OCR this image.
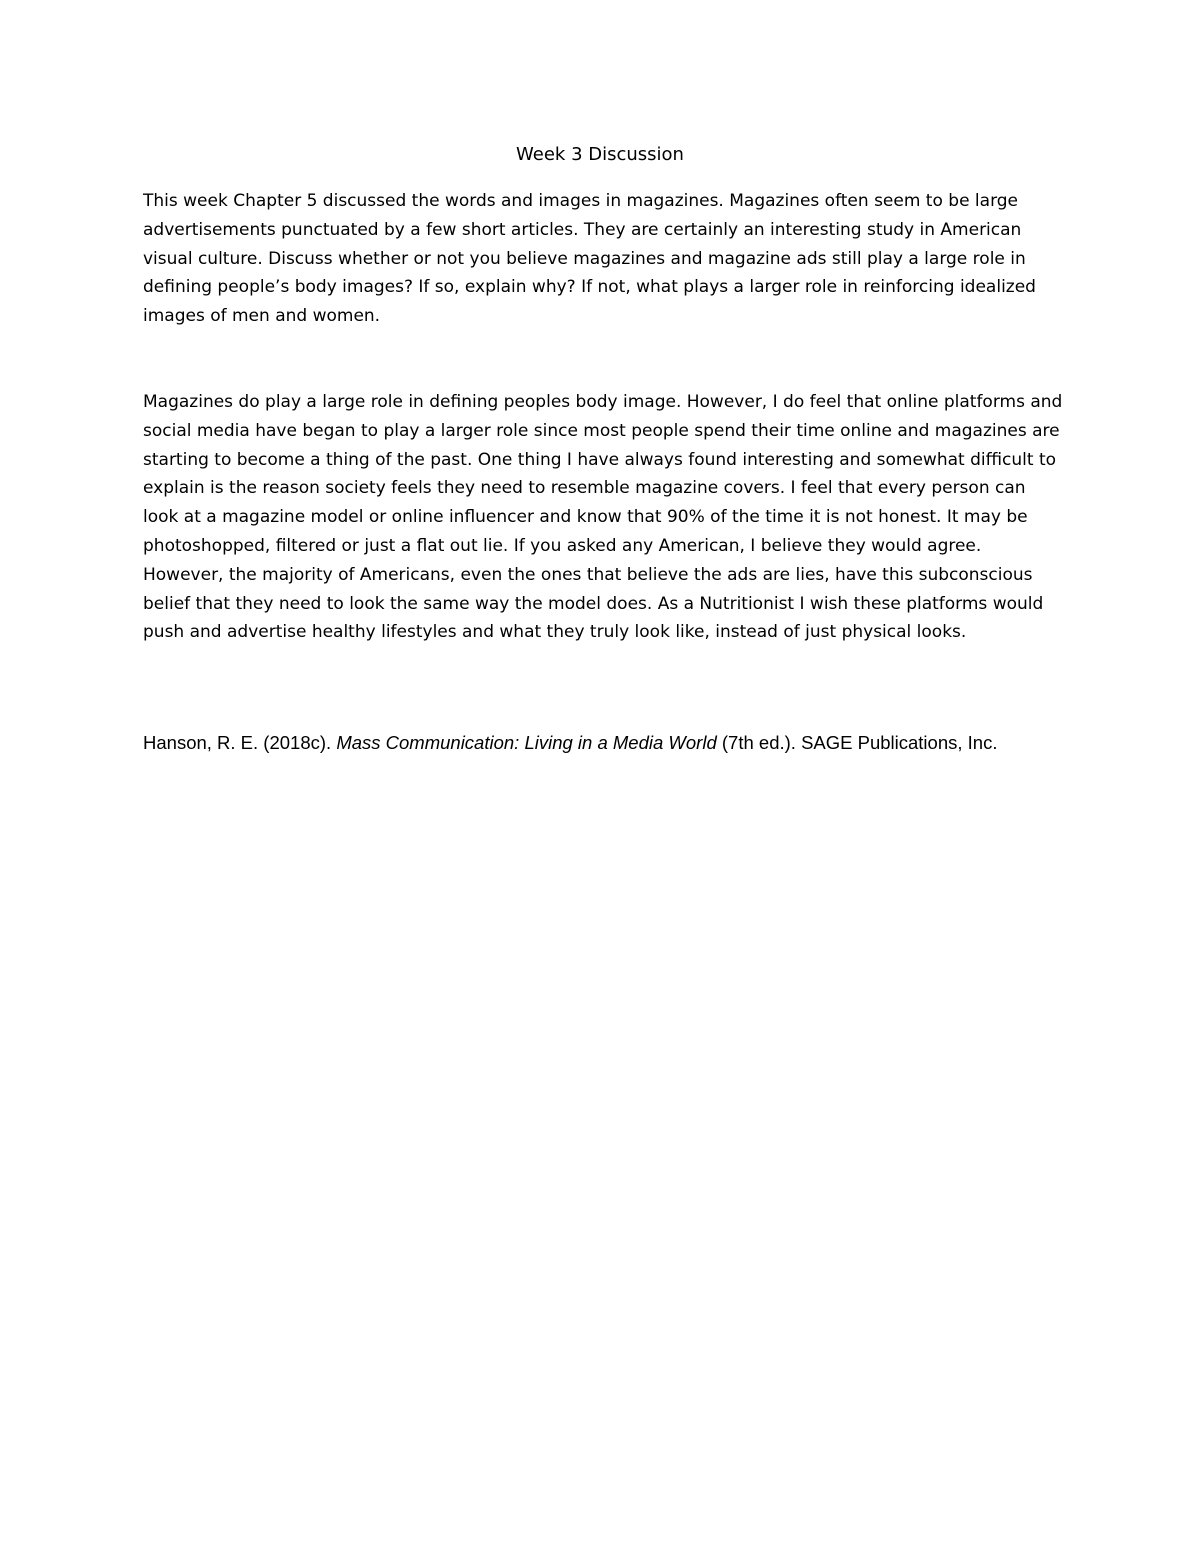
Week 3 Discussion

This week Chapter 5 discussed the words and images in magazines. Magazines often seem to be large advertisements punctuated by a few short articles. They are certainly an interesting study in American visual culture. Discuss whether or not you believe magazines and magazine ads still play a large role in defining people’s body images? If so, explain why? If not, what plays a larger role in reinforcing idealized images of men and women.

Magazines do play a large role in defining peoples body image. However, I do feel that online platforms and social media have began to play a larger role since most people spend their time online and magazines are starting to become a thing of the past. One thing I have always found interesting and somewhat difficult to explain is the reason society feels they need to resemble magazine covers. I feel that every person can look at a magazine model or online influencer and know that 90% of the time it is not honest. It may be photoshopped, filtered or just a flat out lie. If you asked any American, I believe they would agree. However, the majority of Americans, even the ones that believe the ads are lies, have this subconscious belief that they need to look the same way the model does. As a Nutritionist I wish these platforms would push and advertise healthy lifestyles and what they truly look like, instead of just physical looks.

Hanson, R. E. (2018c). Mass Communication: Living in a Media World (7th ed.). SAGE Publications, Inc.
